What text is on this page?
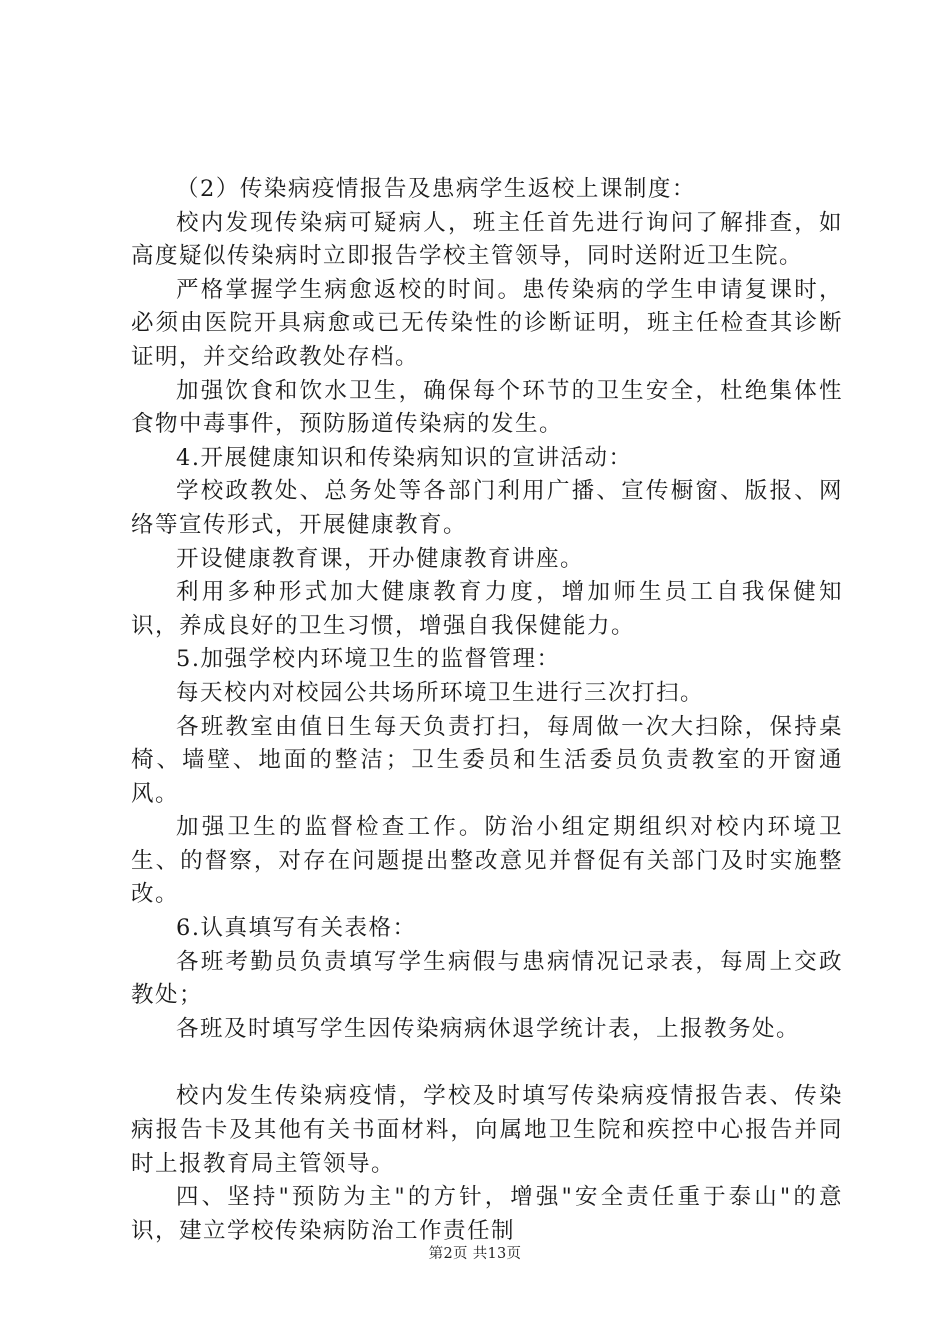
（2）传染病疫情报告及患病学生返校上课制度：

校内发现传染病可疑病人，班主任首先进行询问了解排查，如高度疑似传染病时立即报告学校主管领导，同时送附近卫生院。

严格掌握学生病愈返校的时间。患传染病的学生申请复课时，必须由医院开具病愈或已无传染性的诊断证明，班主任检查其诊断证明，并交给政教处存档。

加强饮食和饮水卫生，确保每个环节的卫生安全，杜绝集体性食物中毒事件，预防肠道传染病的发生。

4.开展健康知识和传染病知识的宣讲活动：

学校政教处、总务处等各部门利用广播、宣传橱窗、版报、网络等宣传形式，开展健康教育。

开设健康教育课，开办健康教育讲座。

利用多种形式加大健康教育力度，增加师生员工自我保健知识，养成良好的卫生习惯，增强自我保健能力。

5.加强学校内环境卫生的监督管理：

每天校内对校园公共场所环境卫生进行三次打扫。

各班教室由值日生每天负责打扫，每周做一次大扫除，保持桌椅、墙壁、地面的整洁；卫生委员和生活委员负责教室的开窗通风。

加强卫生的监督检查工作。防治小组定期组织对校内环境卫生、的督察，对存在问题提出整改意见并督促有关部门及时实施整改。

6.认真填写有关表格：

各班考勤员负责填写学生病假与患病情况记录表，每周上交政教处；

各班及时填写学生因传染病病休退学统计表，上报教务处。

校内发生传染病疫情，学校及时填写传染病疫情报告表、传染病报告卡及其他有关书面材料，向属地卫生院和疾控中心报告并同时上报教育局主管领导。

四、坚持"预防为主"的方针，增强"安全责任重于泰山"的意识，建立学校传染病防治工作责任制

第2页 共13页
